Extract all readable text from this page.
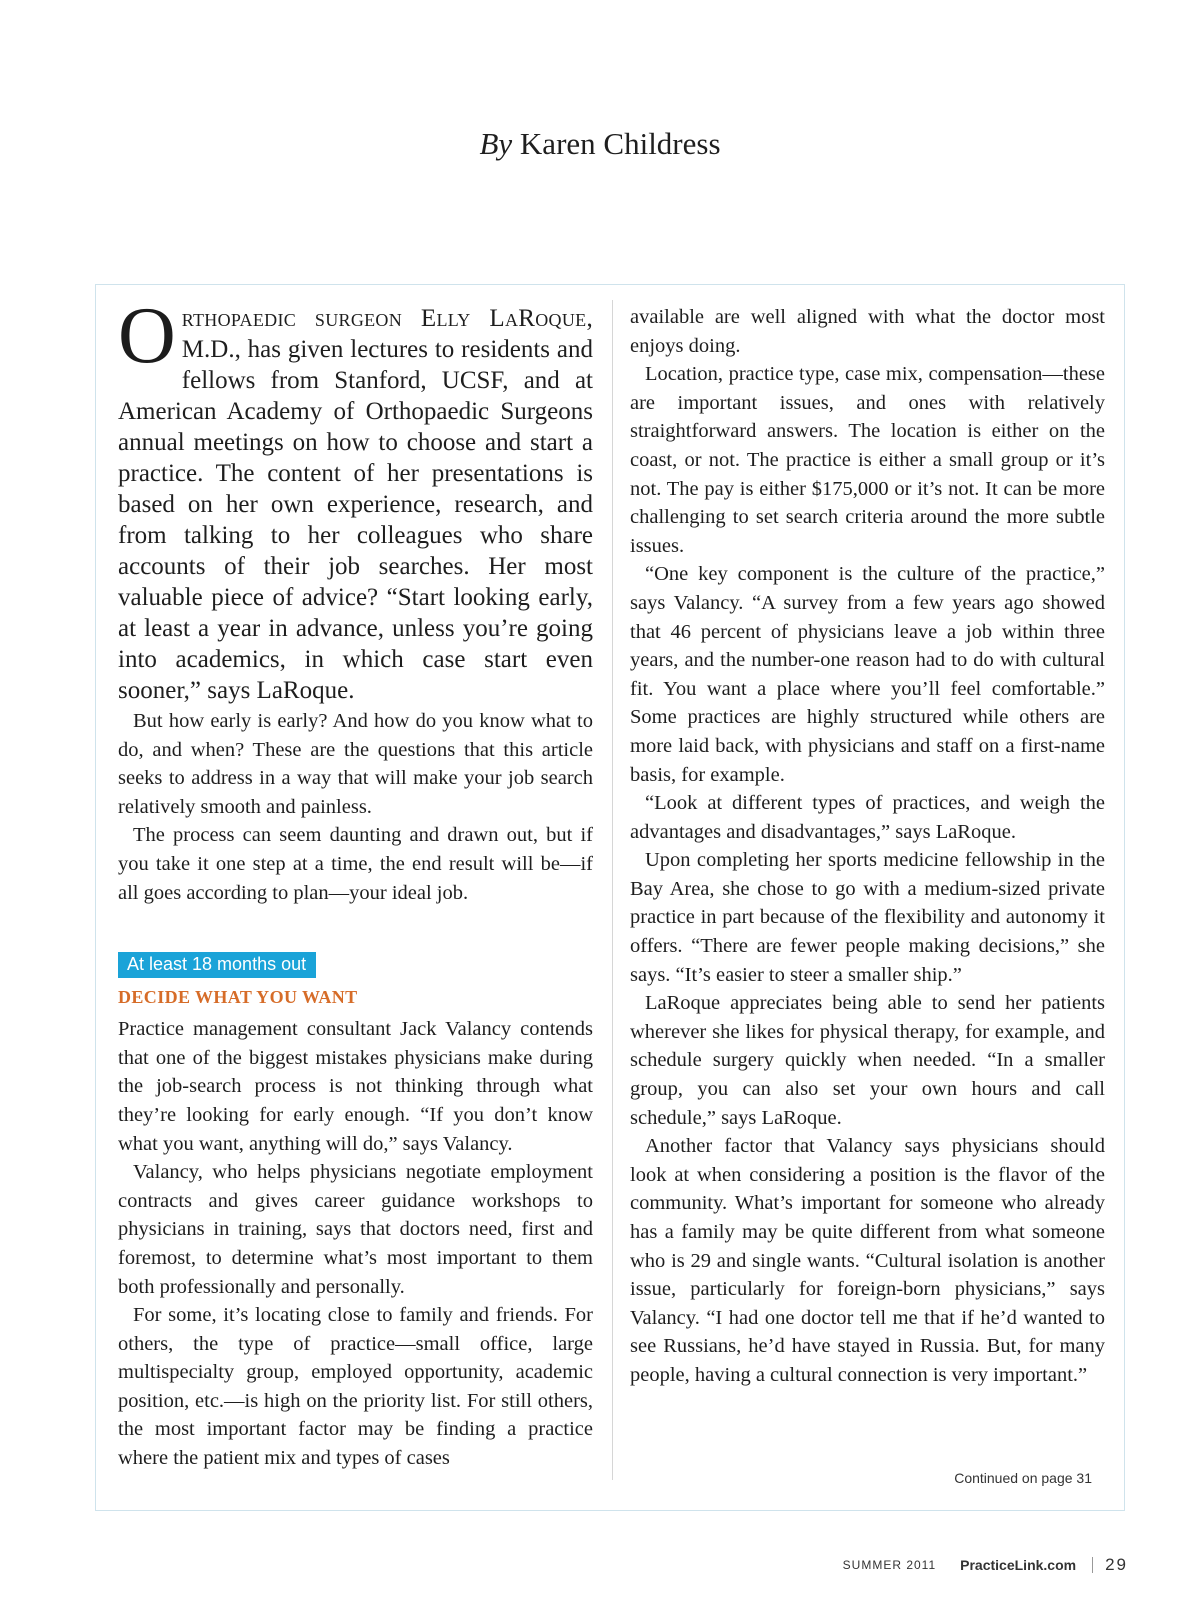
By Karen Childress

Orthopaedic surgeon Elly LaRoque, M.D., has given lectures to residents and fellows from Stanford, UCSF, and at American Academy of Orthopaedic Surgeons annual meetings on how to choose and start a practice. The content of her presentations is based on her own experience, research, and from talking to her colleagues who share accounts of their job searches. Her most valuable piece of advice? “Start looking early, at least a year in advance, unless you’re going into academics, in which case start even sooner,” says LaRoque.

But how early is early? And how do you know what to do, and when? These are the questions that this article seeks to address in a way that will make your job search relatively smooth and painless.

The process can seem daunting and drawn out, but if you take it one step at a time, the end result will be—if all goes according to plan—your ideal job.

At least 18 months out

DECIDE WHAT YOU WANT

Practice management consultant Jack Valancy contends that one of the biggest mistakes physicians make during the job-search process is not thinking through what they’re looking for early enough. “If you don’t know what you want, anything will do,” says Valancy.

Valancy, who helps physicians negotiate employment contracts and gives career guidance workshops to physicians in training, says that doctors need, first and foremost, to determine what’s most important to them both professionally and personally.

For some, it’s locating close to family and friends. For others, the type of practice—small office, large multispecialty group, employed opportunity, academic position, etc.—is high on the priority list. For still others, the most important factor may be finding a practice where the patient mix and types of cases

available are well aligned with what the doctor most enjoys doing.

Location, practice type, case mix, compensation—these are important issues, and ones with relatively straightforward answers. The location is either on the coast, or not. The practice is either a small group or it’s not. The pay is either $175,000 or it’s not. It can be more challenging to set search criteria around the more subtle issues.

“One key component is the culture of the practice,” says Valancy. “A survey from a few years ago showed that 46 percent of physicians leave a job within three years, and the number-one reason had to do with cultural fit. You want a place where you’ll feel comfortable.” Some practices are highly structured while others are more laid back, with physicians and staff on a first-name basis, for example.

“Look at different types of practices, and weigh the advantages and disadvantages,” says LaRoque.

Upon completing her sports medicine fellowship in the Bay Area, she chose to go with a medium-sized private practice in part because of the flexibility and autonomy it offers. “There are fewer people making decisions,” she says. “It’s easier to steer a smaller ship.”

LaRoque appreciates being able to send her patients wherever she likes for physical therapy, for example, and schedule surgery quickly when needed. “In a smaller group, you can also set your own hours and call schedule,” says LaRoque.

Another factor that Valancy says physicians should look at when considering a position is the flavor of the community. What’s important for someone who already has a family may be quite different from what someone who is 29 and single wants. “Cultural isolation is another issue, particularly for foreign-born physicians,” says Valancy. “I had one doctor tell me that if he’d wanted to see Russians, he’d have stayed in Russia. But, for many people, having a cultural connection is very important.”

Continued on page 31
SUMMER 2011 PracticeLink.com 29
